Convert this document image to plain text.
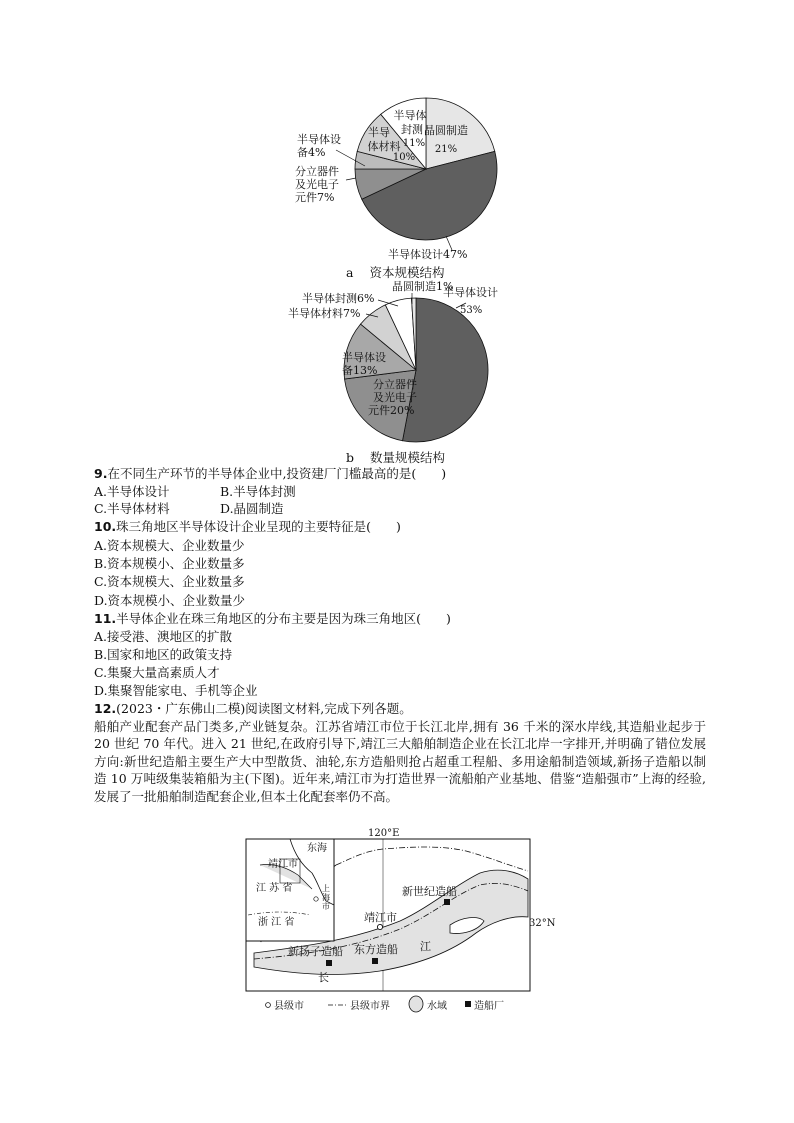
晶圆制造
21%
半导体
封测
11%
半导
体材料
10%
半导体设
备4%
分立器件
及光电子
元件7%
半导体设计47%
a 资本规模结构
晶圆制造1%
半导体封测6%
半导体材料7%
半导体设计
53%
半导体设
备13%
分立器件
及光电子
元件20%
b 数量规模结构
9.在不同生产环节的半导体企业中,投资建厂门槛最高的是(　　)
A.半导体设计	B.半导体封测
C.半导体材料	D.晶圆制造
10.珠三角地区半导体设计企业呈现的主要特征是(　　)
A.资本规模大、企业数量少
B.资本规模小、企业数量多
C.资本规模大、企业数量多
D.资本规模小、企业数量少
11.半导体企业在珠三角地区的分布主要是因为珠三角地区(　　)
A.接受港、澳地区的扩散
B.国家和地区的政策支持
C.集聚大量高素质人才
D.集聚智能家电、手机等企业
12.(2023・广东佛山二模)阅读图文材料,完成下列各题。
船舶产业配套产品门类多,产业链复杂。江苏省靖江市位于长江北岸,拥有 36 千米的深水岸线,其造船业起步于 20 世纪 70 年代。进入 21 世纪,在政府引导下,靖江三大船舶制造企业在长江北岸一字排开,并明确了错位发展方向:新世纪造船主要生产大中型散货、油轮,东方造船则抢占超重工程船、多用途船制造领域,新扬子造船以制造 10 万吨级集装箱船为主(下图)。近年来,靖江市为打造世界一流船舶产业基地、借鉴“造船强市”上海的经验,发展了一批船舶制造配套企业,但本土化配套率仍不高。
120°E
32°N
东海
靖江市
江 苏 省
浙 江 省
上
海
市
靖江市
新世纪造船
东方造船
新扬子造船
长
江
县级市	县级市界	水域	造船厂
